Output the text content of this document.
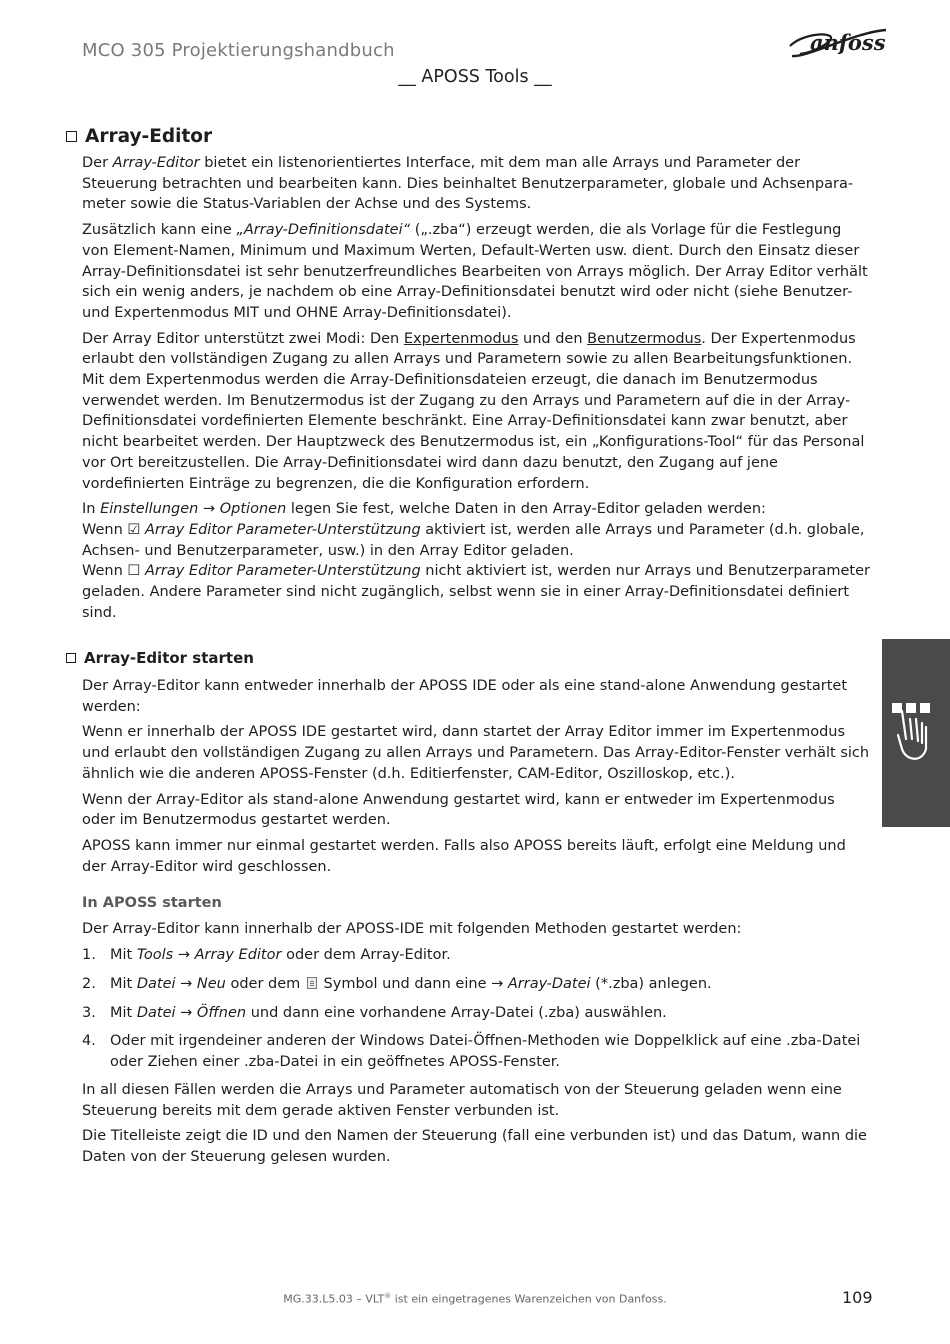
MCO 305 Projektierungshandbuch	anfoss
__ APOSS Tools __
Array-Editor

Der Array-Editor bietet ein listenorientiertes Interface, mit dem man alle Arrays und Parameter der Steuerung betrachten und bearbeiten kann. Dies beinhaltet Benutzerparameter, globale und Achsenpara-meter sowie die Status-Variablen der Achse und des Systems.

Zusätzlich kann eine „Array-Definitionsdatei“ („.zba“) erzeugt werden, die als Vorlage für die Festlegung von Element-Namen, Minimum und Maximum Werten, Default-Werten usw. dient. Durch den Einsatz dieser Array-Definitionsdatei ist sehr benutzerfreundliches Bearbeiten von Arrays möglich. Der Array Editor verhält sich ein wenig anders, je nachdem ob eine Array-Definitionsdatei benutzt wird oder nicht (siehe Benutzer- und Expertenmodus MIT und OHNE Array-Definitionsdatei).

Der Array Editor unterstützt zwei Modi: Den Expertenmodus und den Benutzermodus. Der Expertenmodus erlaubt den vollständigen Zugang zu allen Arrays und Parametern sowie zu allen Bearbeitungsfunktionen. Mit dem Expertenmodus werden die Array-Definitionsdateien erzeugt, die danach im Benutzermodus verwendet werden. Im Benutzermodus ist der Zugang zu den Arrays und Parametern auf die in der Array-Definitionsdatei vordefinierten Elemente beschränkt. Eine Array-Definitionsdatei kann zwar benutzt, aber nicht bearbeitet werden. Der Hauptzweck des Benutzermodus ist, ein „Konfigurations-Tool“ für das Personal vor Ort bereitzustellen. Die Array-Definitionsdatei wird dann dazu benutzt, den Zugang auf jene vordefinierten Einträge zu begrenzen, die die Konfiguration erfordern.

In Einstellungen → Optionen legen Sie fest, welche Daten in den Array-Editor geladen werden:
Wenn ☑ Array Editor Parameter-Unterstützung aktiviert ist, werden alle Arrays und Parameter (d.h. globale, Achsen- und Benutzerparameter, usw.) in den Array Editor geladen.
Wenn ☐ Array Editor Parameter-Unterstützung nicht aktiviert ist, werden nur Arrays und Benutzerparameter geladen. Andere Parameter sind nicht zugänglich, selbst wenn sie in einer Array-Definitionsdatei definiert sind.

Array-Editor starten

Der Array-Editor kann entweder innerhalb der APOSS IDE oder als eine stand-alone Anwendung gestartet werden:

Wenn er innerhalb der APOSS IDE gestartet wird, dann startet der Array Editor immer im Expertenmodus und erlaubt den vollständigen Zugang zu allen Arrays und Parametern. Das Array-Editor-Fenster verhält sich ähnlich wie die anderen APOSS-Fenster (d.h. Editierfenster, CAM-Editor, Oszilloskop, etc.).

Wenn der Array-Editor als stand-alone Anwendung gestartet wird, kann er entweder im Expertenmodus oder im Benutzermodus gestartet werden.

APOSS kann immer nur einmal gestartet werden. Falls also APOSS bereits läuft, erfolgt eine Meldung und der Array-Editor wird geschlossen.

In APOSS starten
Der Array-Editor kann innerhalb der APOSS-IDE mit folgenden Methoden gestartet werden:
1. Mit Tools → Array Editor oder dem Array-Editor.
2. Mit Datei → Neu oder dem  Symbol und dann eine → Array-Datei (*.zba) anlegen.
3. Mit Datei → Öffnen und dann eine vorhandene Array-Datei (.zba) auswählen.
4. Oder mit irgendeiner anderen der Windows Datei-Öffnen-Methoden wie Doppelklick auf eine .zba-Datei oder Ziehen einer .zba-Datei in ein geöffnetes APOSS-Fenster.

In all diesen Fällen werden die Arrays und Parameter automatisch von der Steuerung geladen wenn eine Steuerung bereits mit dem gerade aktiven Fenster verbunden ist.

Die Titelleiste zeigt die ID und den Namen der Steuerung (fall eine verbunden ist) und das Datum, wann die Daten von der Steuerung gelesen wurden.

MG.33.L5.03 – VLT® ist ein eingetragenes Warenzeichen von Danfoss.	109
